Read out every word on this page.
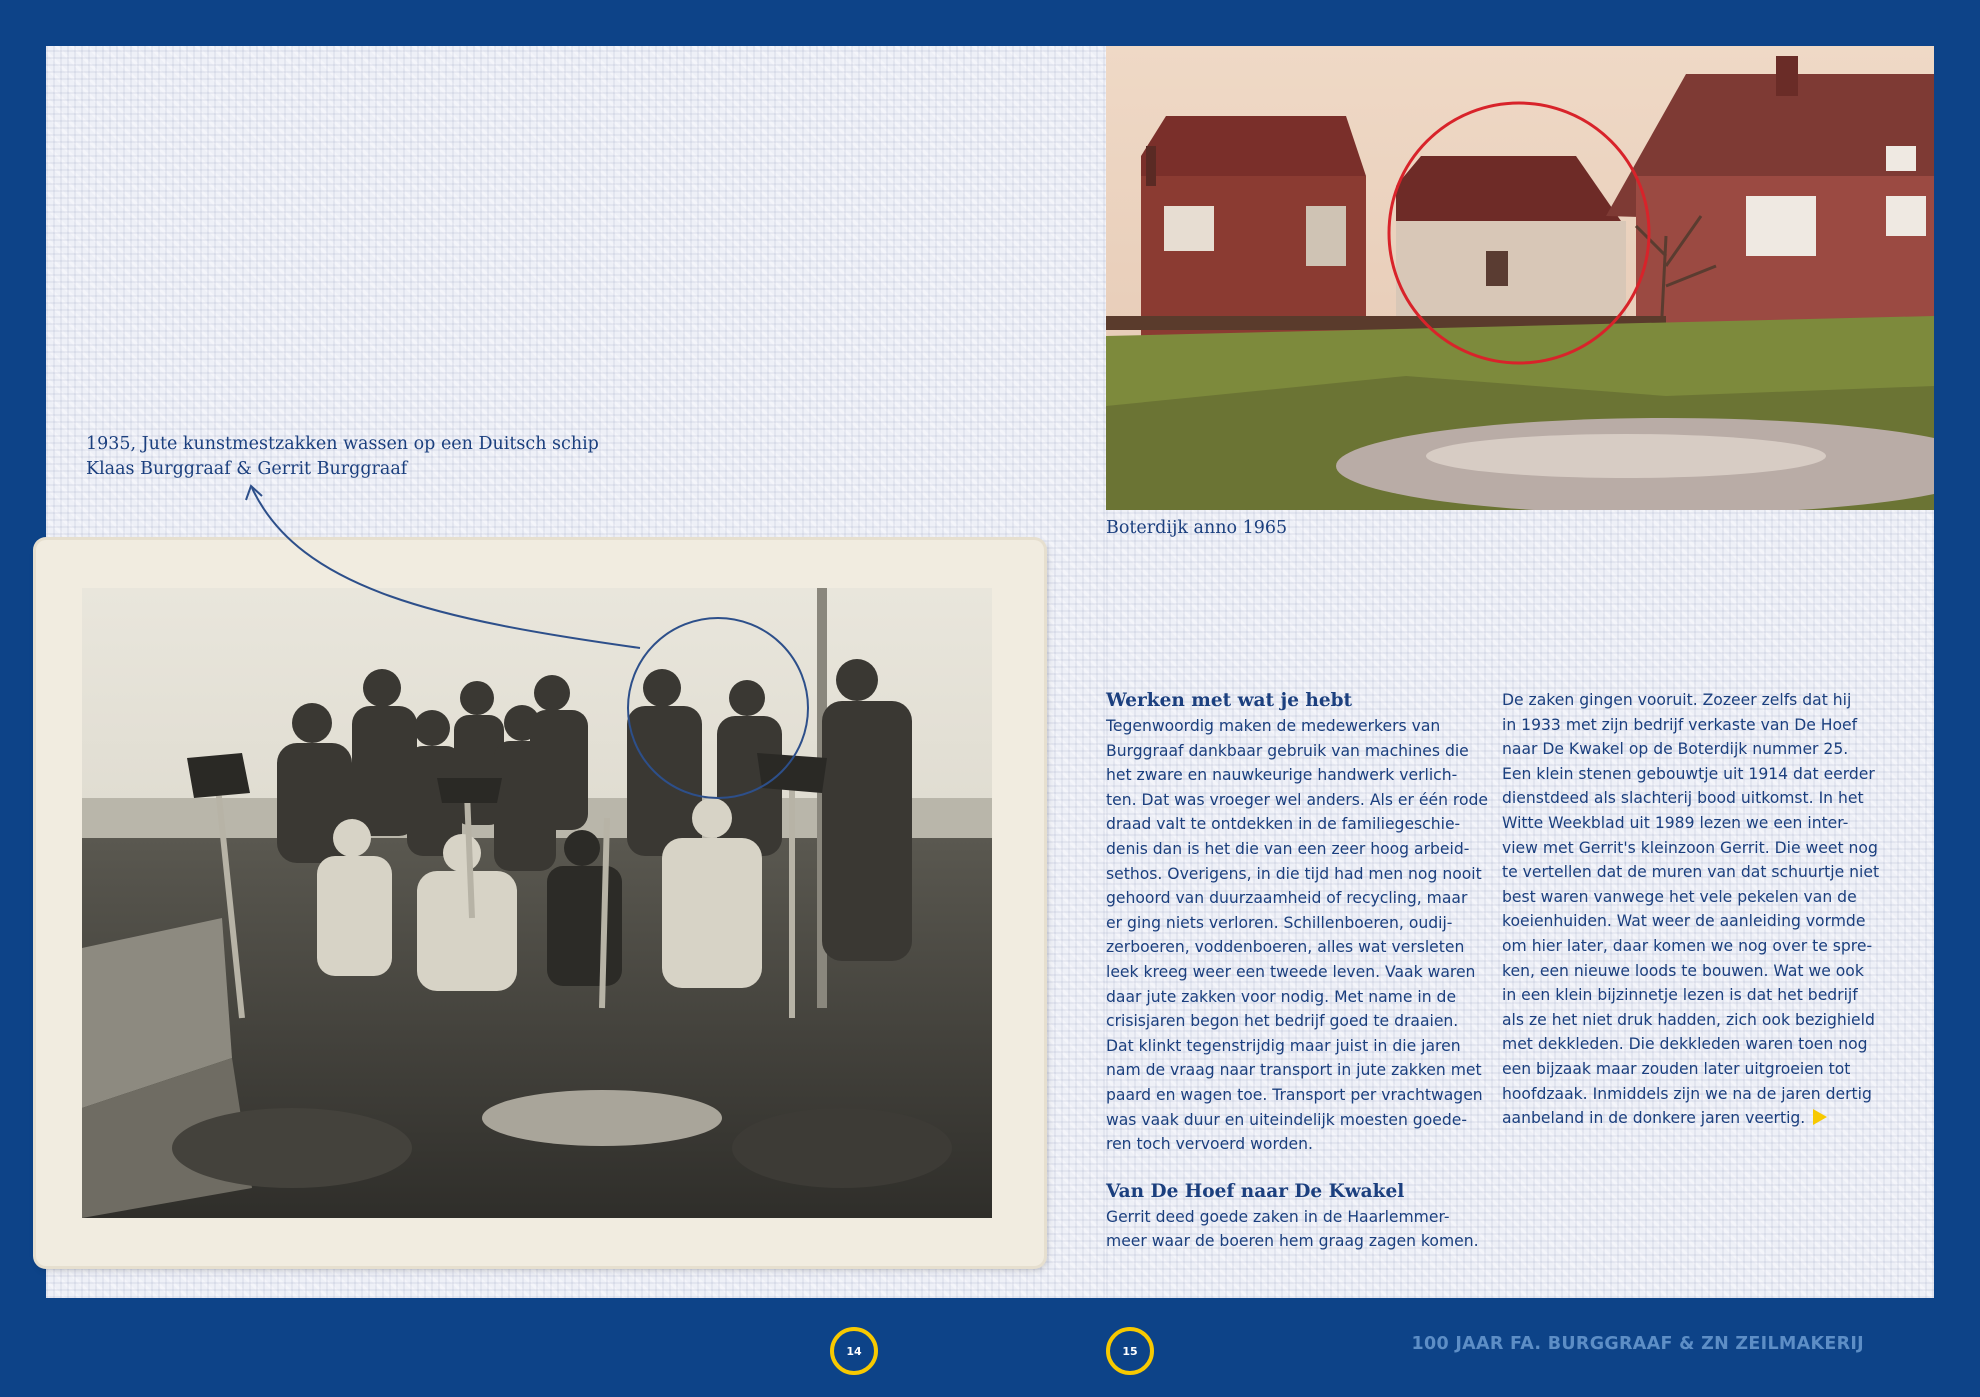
1935, Jute kunstmestzakken wassen op een Duitsch schip
Klaas Burggraaf & Gerrit Burggraaf
Boterdijk anno 1965
Werken met wat je hebt
Tegenwoordig maken de medewerkers van
Burggraaf dankbaar gebruik van machines die
het zware en nauwkeurige handwerk verlich-
ten. Dat was vroeger wel anders. Als er één rode
draad valt te ontdekken in de familiegeschie-
denis dan is het die van een zeer hoog arbeid-
sethos. Overigens, in die tijd had men nog nooit
gehoord van duurzaamheid of recycling, maar
er ging niets verloren. Schillenboeren, oudij-
zerboeren, voddenboeren, alles wat versleten
leek kreeg weer een tweede leven. Vaak waren
daar jute zakken voor nodig. Met name in de
crisisjaren begon het bedrijf goed te draaien.
Dat klinkt tegenstrijdig maar juist in die jaren
nam de vraag naar transport in jute zakken met
paard en wagen toe. Transport per vrachtwagen
was vaak duur en uiteindelijk moesten goede-
ren toch vervoerd worden.
Van De Hoef naar De Kwakel
Gerrit deed goede zaken in de Haarlemmer-
meer waar de boeren hem graag zagen komen.
De zaken gingen vooruit. Zozeer zelfs dat hij
in 1933 met zijn bedrijf verkaste van De Hoef
naar De Kwakel op de Boterdijk nummer 25.
Een klein stenen gebouwtje uit 1914 dat eerder
dienstdeed als slachterij bood uitkomst. In het
Witte Weekblad uit 1989 lezen we een inter-
view met Gerrit's kleinzoon Gerrit. Die weet nog
te vertellen dat de muren van dat schuurtje niet
best waren vanwege het vele pekelen van de
koeienhuiden. Wat weer de aanleiding vormde
om hier later, daar komen we nog over te spre-
ken, een nieuwe loods te bouwen. Wat we ook
in een klein bijzinnetje lezen is dat het bedrijf
als ze het niet druk hadden, zich ook bezighield
met dekkleden. Die dekkleden waren toen nog
een bijzaak maar zouden later uitgroeien tot
hoofdzaak. Inmiddels zijn we na de jaren dertig
aanbeland in de donkere jaren veertig.
14	15	100 JAAR FA. BURGGRAAF & ZN ZEILMAKERIJ
